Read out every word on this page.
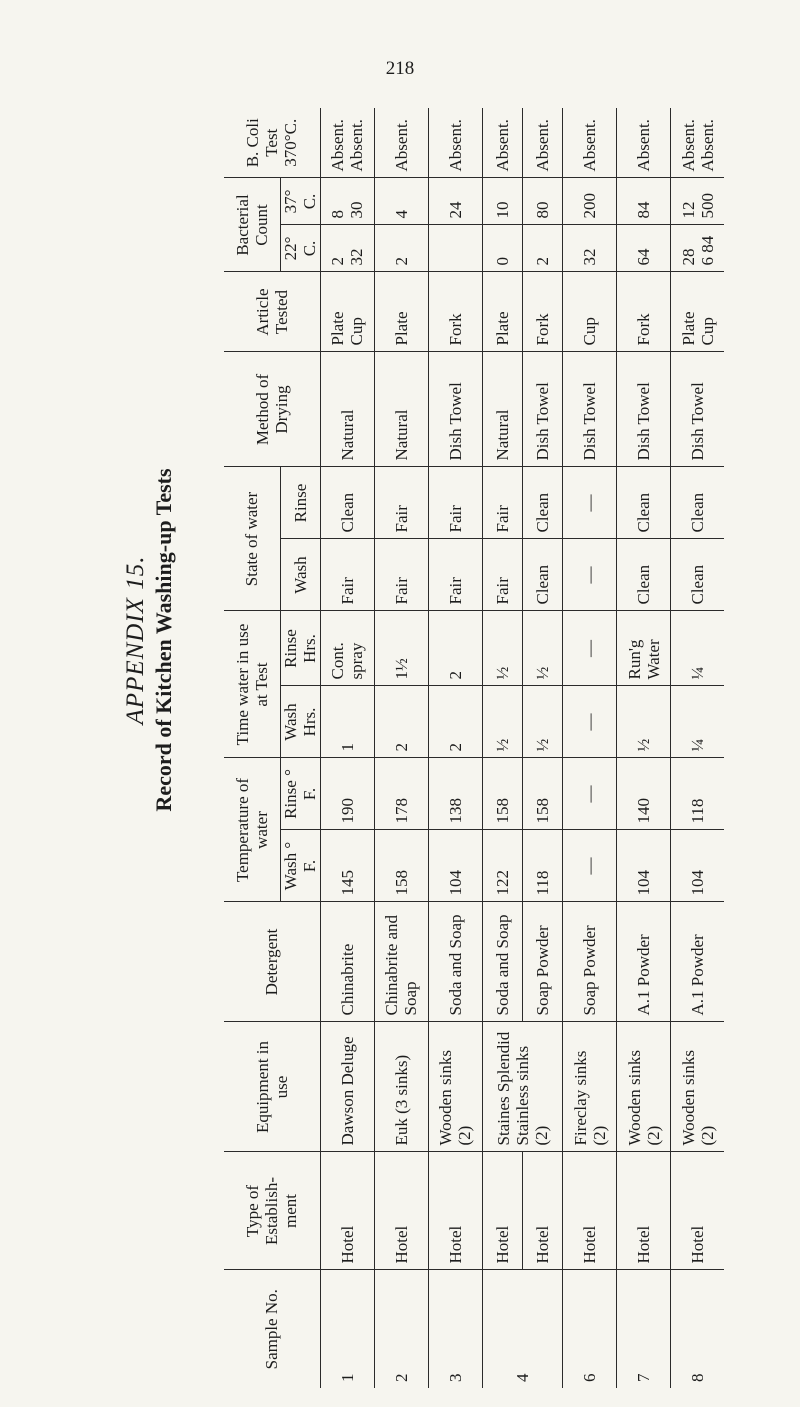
218
APPENDIX 15. Record of Kitchen Washing-up Tests
Sample No.	Type of Establish- ment	Equipment in use	Detergent	Temperature of water		Time water in use at Test		State of water		Method of Drying	Article Tested	Bacterial Count		B. Coli Test 370°C.
				Wash ° F.	Rinse ° F.	Wash Hrs.	Rinse Hrs.	Wash	Rinse			22° C.	37° C.	
1	Hotel	Dawson Deluge	Chinabrite	145	190	1	Cont. spray	Fair	Clean	Natural	Plate Cup	2 32	8 30	Absent. Absent.

2	Hotel	Euk (3 sinks)	Chinabrite and Soap	158	178	2	1½	Fair	Fair	Natural	Plate	2	4	Absent.

3	Hotel	Wooden sinks (2)	Soda and Soap	104	138	2	2	Fair	Fair	Dish Towel	Fork		24	Absent.

4	Hotel	Staines Splendid Stainless sinks (2)	Soda and Soap	122	158	½	½	Fair	Fair	Natural	Plate	0	10	Absent.

	Hotel		Soap Powder	118	158	½	½	Clean	Clean	Dish Towel	Fork	2	80	Absent.

6	Hotel	Fireclay sinks (2)	Soap Powder	—	—	—	—	—	—	Dish Towel	Cup	32	200	Absent.

7	Hotel	Wooden sinks (2)	A.1 Powder	104	140	½	Run'g Water	Clean	Clean	Dish Towel	Fork	64	84	Absent.

8	Hotel	Wooden sinks (2)	A.1 Powder	104	118	¼	¼	Clean	Clean	Dish Towel	Plate Cup	28 6 84	12 500	Absent. Absent.
